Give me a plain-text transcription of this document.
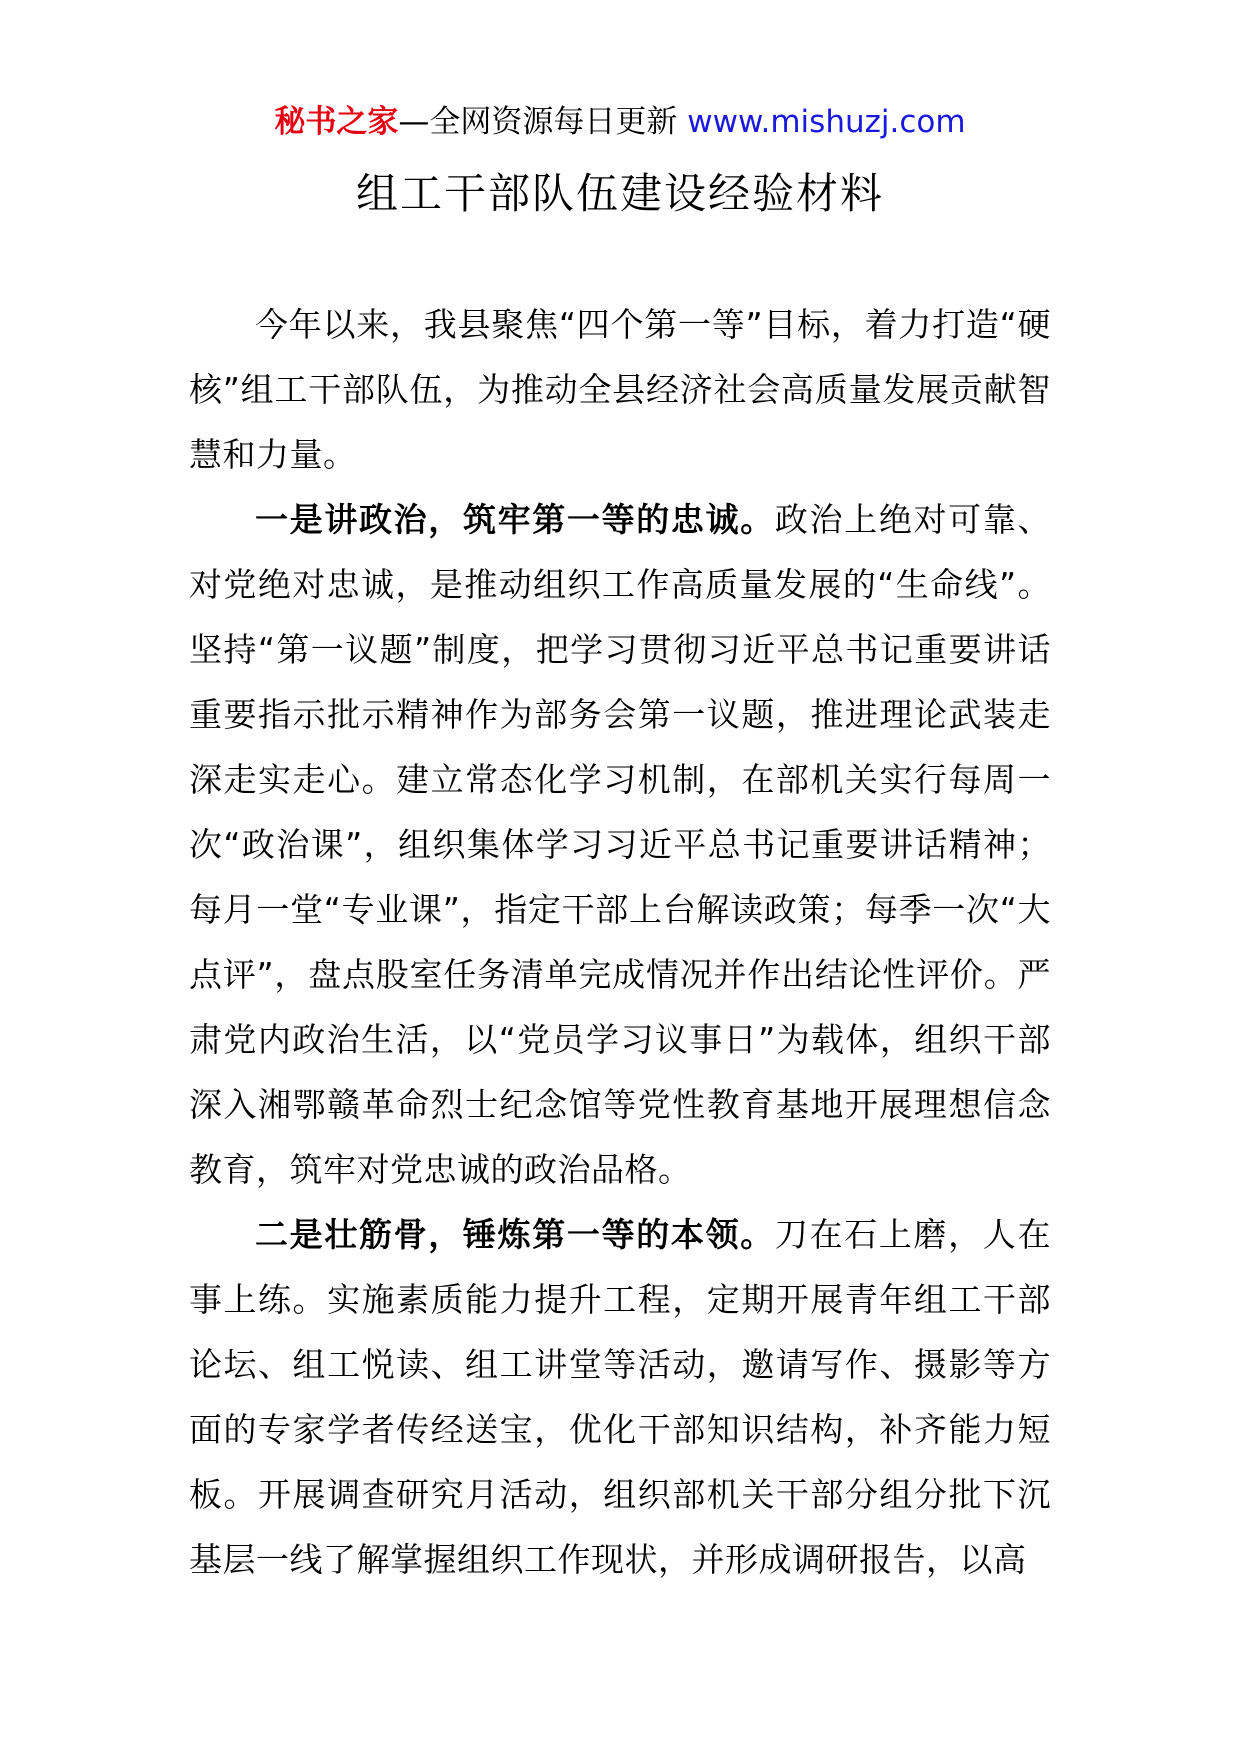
秘书之家—全网资源每日更新 www.mishuzj.com
组工干部队伍建设经验材料

今年以来，我县聚焦“四个第一等”目标，着力打造“硬核”组工干部队伍，为推动全县经济社会高质量发展贡献智慧和力量。

一是讲政治，筑牢第一等的忠诚。政治上绝对可靠、对党绝对忠诚，是推动组织工作高质量发展的“生命线”。坚持“第一议题”制度，把学习贯彻习近平总书记重要讲话重要指示批示精神作为部务会第一议题，推进理论武装走深走实走心。建立常态化学习机制，在部机关实行每周一次“政治课”，组织集体学习习近平总书记重要讲话精神；每月一堂“专业课”，指定干部上台解读政策；每季一次“大点评”，盘点股室任务清单完成情况并作出结论性评价。严肃党内政治生活，以“党员学习议事日”为载体，组织干部深入湘鄂赣革命烈士纪念馆等党性教育基地开展理想信念教育，筑牢对党忠诚的政治品格。

二是壮筋骨，锤炼第一等的本领。刀在石上磨，人在事上练。实施素质能力提升工程，定期开展青年组工干部论坛、组工悦读、组工讲堂等活动，邀请写作、摄影等方面的专家学者传经送宝，优化干部知识结构，补齐能力短板。开展调查研究月活动，组织部机关干部分组分批下沉基层一线了解掌握组织工作现状，并形成调研报告，以高
